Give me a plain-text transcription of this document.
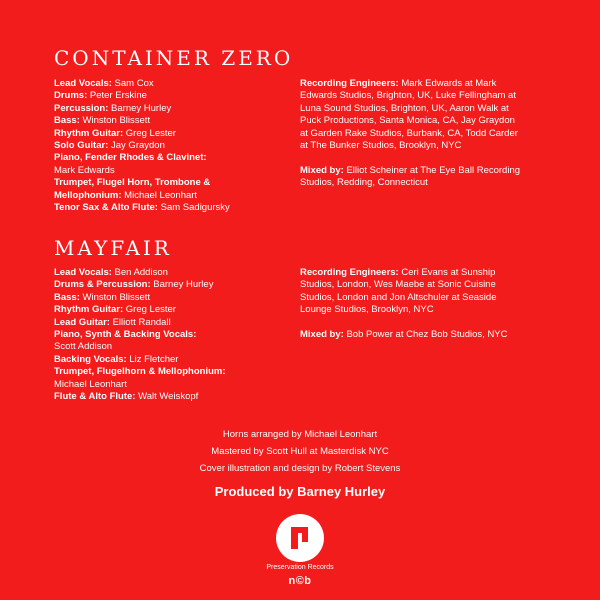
CONTAINER ZERO
Lead Vocals: Sam Cox
Drums: Peter Erskine
Percussion: Barney Hurley
Bass: Winston Blissett
Rhythm Guitar: Greg Lester
Solo Guitar: Jay Graydon
Piano, Fender Rhodes & Clavinet:
Mark Edwards
Trumpet, Flugel Horn, Trombone &
Mellophonium: Michael Leonhart
Tenor Sax & Alto Flute: Sam Sadigursky
Recording Engineers: Mark Edwards at Mark
Edwards Studios, Brighton, UK, Luke Fellingham at
Luna Sound Studios, Brighton, UK, Aaron Walk at
Puck Productions, Santa Monica, CA, Jay Graydon
at Garden Rake Studios, Burbank, CA, Todd Carder
at The Bunker Studios, Brooklyn, NYC
Mixed by: Elliot Scheiner at The Eye Ball Recording
Studios, Redding, Connecticut
MAYFAIR
Lead Vocals: Ben Addison
Drums & Percussion: Barney Hurley
Bass: Winston Blissett
Rhythm Guitar: Greg Lester
Lead Guitar: Elliott Randall
Piano, Synth & Backing Vocals:
Scott Addison
Backing Vocals: Liz Fletcher
Trumpet, Flugelhorn & Mellophonium:
Michael Leonhart
Flute & Alto Flute: Walt Weiskopf
Recording Engineers: Ceri Evans at Sunship
Studios, London, Wes Maebe at Sonic Cuisine
Studios, London and Jon Altschuler at Seaside
Lounge Studios, Brooklyn, NYC
Mixed by: Bob Power at Chez Bob Studios, NYC
Horns arranged by Michael Leonhart
Mastered by Scott Hull at Masterdisk NYC
Cover illustration and design by Robert Stevens
Produced by Barney Hurley
Preservation Records
n©b
